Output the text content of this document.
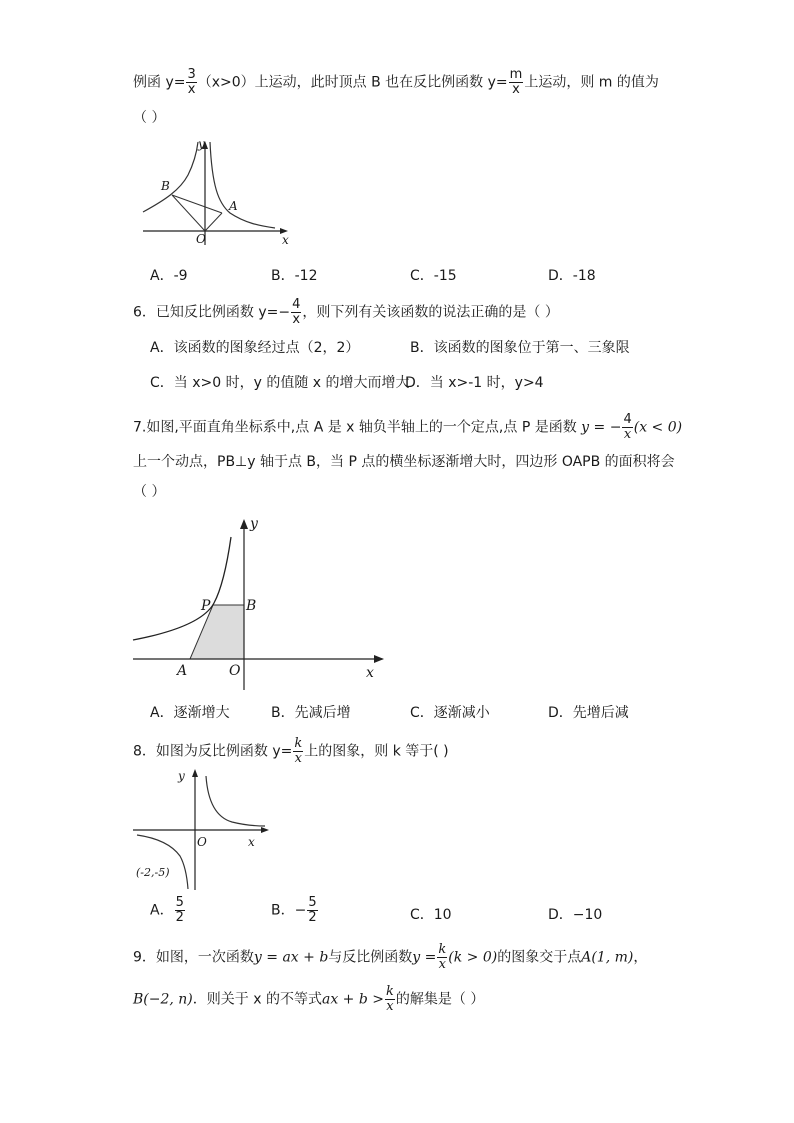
例函 $y= \frac{3}{x} (x>0)$上运动，此时顶点 B 也在反比例函数 $y= \frac{m}{x}$ 上运动，则 m 的值为
（ ）
y
x
O
B
A
A．-9	B．-12	C．-15	D．-18
6．已知反比例函数 $y=- \frac{4}{x}$ ，则下列有关该函数的说法正确的是（ ）
A．该函数的图象经过点（2，2）	B．该函数的图象位于第一、三象限
C．当 x>0 时，y 的值随 x 的增大而增大
D．当 x>-1 时，y>4
7.如图,平面直角坐标系中,点 A 是 x 轴负半轴上的一个定点,点 P 是函数 y = − $\frac{4}{x} (x < 0)$
上一个动点，PB⊥y 轴于点 B，当 P 点的横坐标逐渐增大时，四边形 OAPB 的面积将会
（ ）
y
x
O
P	B
A
A．逐渐增大	B．先减后增	C．逐渐减小	D．先增后减
8．如图为反比例函数 $y= \frac{k}{x}$ 上的图象，则 k 等于( )
y
x
O
(-2,-5)
A． $\frac{5}{2}$	B．− $\frac{5}{2}$	C．10	D．−10
9．如图，一次函数y = ax + b与反比例函数$y = \frac{k}{x} (k > 0)$的图象交于点A(1, m)，
B(−2, n)．则关于 x 的不等式ax + $b > \frac{k}{x}$ 的解集是（ ）
